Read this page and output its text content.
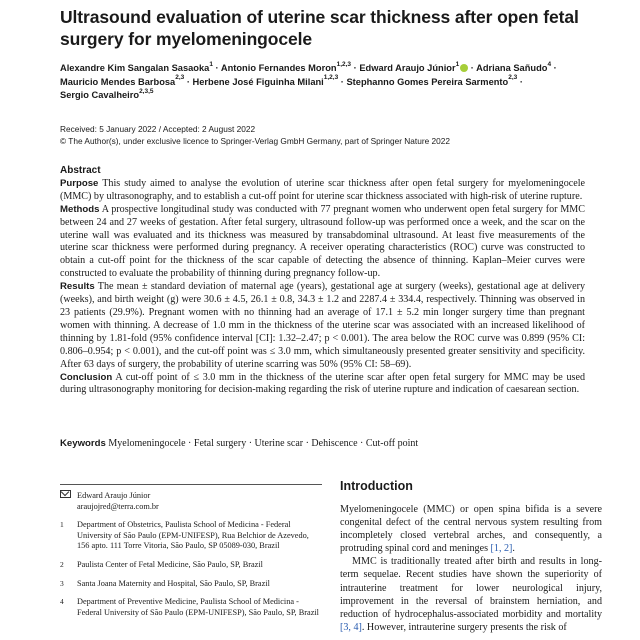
Ultrasound evaluation of uterine scar thickness after open fetal surgery for myelomeningocele
Alexandre Kim Sangalan Sasaoka$^1$ · Antonio Fernandes Moron$^{1,2,3}$ · Edward Araujo Júnior$^1$ · Adriana Sañudo$^4$ ·
Mauricio Mendes Barbosa$^{2,3}$ · Herbene José Figuinha Milani$^{1,2,3}$ · Stephanno Gomes Pereira Sarmento$^{2,3}$ ·
Sergio Cavalheiro$^{2,3,5}$
Received: 5 January 2022 / Accepted: 2 August 2022
© The Author(s), under exclusive licence to Springer-Verlag GmbH Germany, part of Springer Nature 2022
Abstract

Purpose This study aimed to analyse the evolution of uterine scar thickness after open fetal surgery for myelomeningocele (MMC) by ultrasonography, and to establish a cut-off point for uterine scar thickness associated with high-risk of uterine rupture.

Methods A prospective longitudinal study was conducted with 77 pregnant women who underwent open fetal surgery for MMC between 24 and 27 weeks of gestation. After fetal surgery, ultrasound follow-up was performed once a week, and the scar on the uterine wall was evaluated and its thickness was measured by transabdominal ultrasound. At least five measurements of the uterine scar thickness were performed during pregnancy. A receiver operating characteristics (ROC) curve was constructed to obtain a cut-off point for the thickness of the scar capable of detecting the absence of thinning. Kaplan–Meier curves were constructed to evaluate the probability of thinning during pregnancy follow-up.

Results The mean ± standard deviation of maternal age (years), gestational age at surgery (weeks), gestational age at delivery (weeks), and birth weight (g) were 30.6 ± 4.5, 26.1 ± 0.8, 34.3 ± 1.2 and 2287.4 ± 334.4, respectively. Thinning was observed in 23 patients (29.9%). Pregnant women with no thinning had an average of 17.1 ± 5.2 min longer surgery time than pregnant women with thinning. A decrease of 1.0 mm in the thickness of the uterine scar was associated with an increased likelihood of thinning by 1.81-fold (95% confidence interval [CI]: 1.32–2.47; p < 0.001). The area below the ROC curve was 0.899 (95% CI: 0.806–0.954; p < 0.001), and the cut-off point was ≤ 3.0 mm, which simultaneously presented greater sensitivity and specificity. After 63 days of surgery, the probability of uterine scarring was 50% (95% CI: 58–69).

Conclusion A cut-off point of ≤ 3.0 mm in the thickness of the uterine scar after open fetal surgery for MMC may be used during ultrasonography monitoring for decision-making regarding the risk of uterine rupture and indication of caesarean section.

Keywords Myelomeningocele · Fetal surgery · Uterine scar · Dehiscence · Cut-off point
Edward Araujo Júnior
araujojred@terra.com.br
1 Department of Obstetrics, Paulista School of Medicina - Federal University of São Paulo (EPM-UNIFESP), Rua Belchior de Azevedo, 156 apto. 111 Torre Vitoria, São Paulo, SP 05089-030, Brazil
2 Paulista Center of Fetal Medicine, São Paulo, SP, Brazil
3 Santa Joana Maternity and Hospital, São Paulo, SP, Brazil
4 Department of Preventive Medicine, Paulista School of Medicina - Federal University of São Paulo (EPM-UNIFESP), São Paulo, SP, Brazil
Introduction

Myelomeningocele (MMC) or open spina bifida is a severe congenital defect of the central nervous system resulting from incompletely closed vertebral arches, and consequently, a protruding spinal cord and meninges [1, 2].

MMC is traditionally treated after birth and results in long-term sequelae. Recent studies have shown the superiority of intrauterine treatment for lower neurological injury, improvement in the reversal of brainstem herniation, and reduction of hydrocephalus-associated morbidity and mortality [3, 4]. However, intrauterine surgery presents the risk of
